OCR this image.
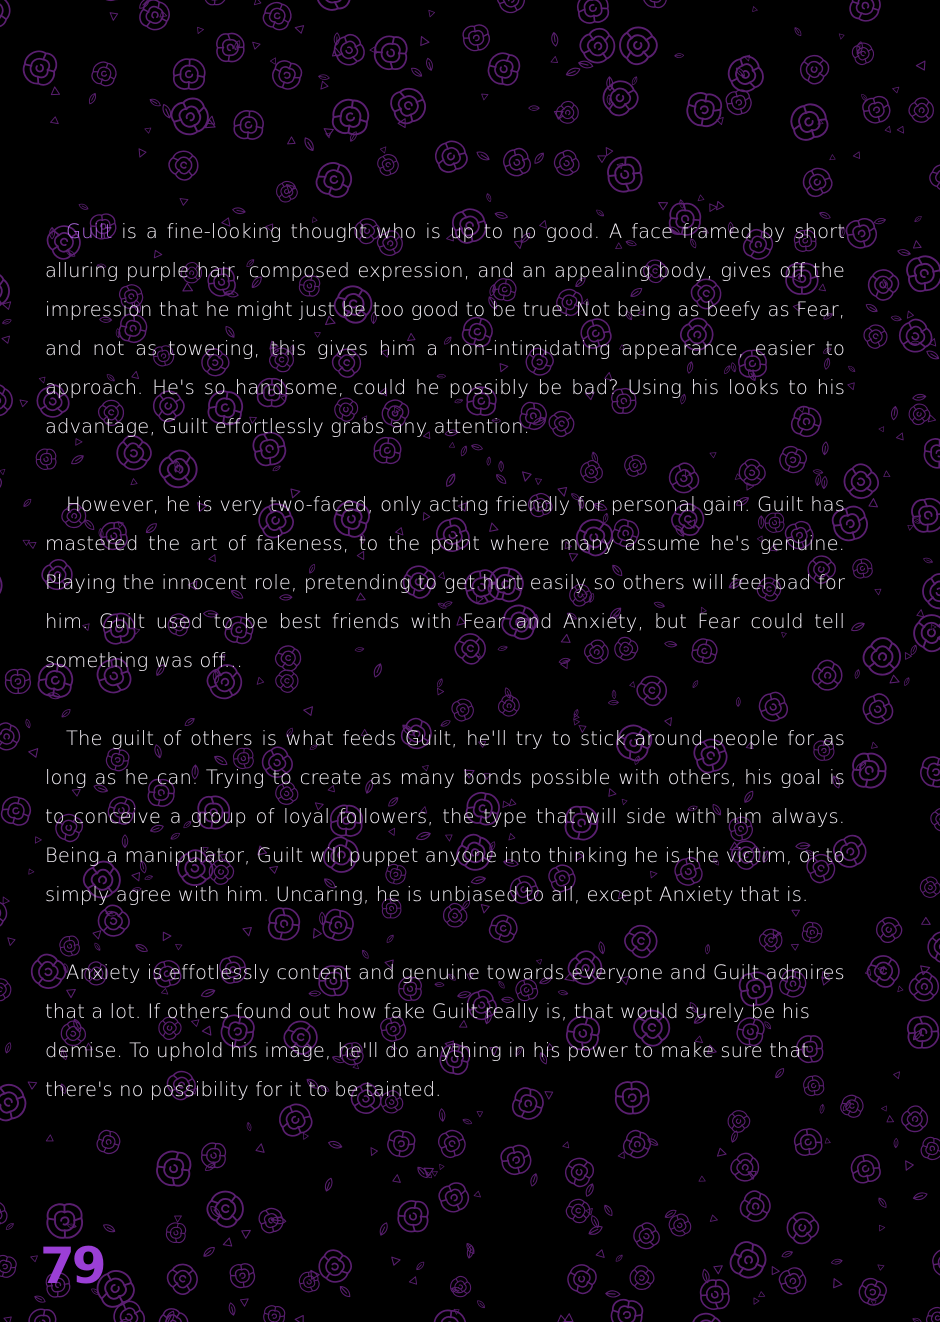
Guilt is a fine-looking thought who is up to no good. A face framed by short alluring purple hair, composed expression, and an appealing body, gives off the impression that he might just be too good to be true. Not being as beefy as Fear, and not as towering, this gives him a non-intimidating appearance, easier to approach. He's so handsome, could he possibly be bad? Using his looks to his advantage, Guilt effortlessly grabs any attention.

However, he is very two-faced, only acting friendly for personal gain. Guilt has mastered the art of fakeness, to the point where many assume he's genuine. Playing the innocent role, pretending to get hurt easily so others will feel bad for him. Guilt used to be best friends with Fear and Anxiety, but Fear could tell something was off...

The guilt of others is what feeds Guilt, he'll try to stick around people for as long as he can. Trying to create as many bonds possible with others, his goal is to conceive a group of loyal followers, the type that will side with him always. Being a manipulator, Guilt will puppet anyone into thinking he is the victim, or to simply agree with him. Uncaring, he is unbiased to all, except Anxiety that is.

Anxiety is effotlessly content and genuine towards everyone and Guilt admires that a lot. If others found out how fake Guilt really is, that would surely be his demise. To uphold his image, he'll do anything in his power to make sure that there's no possibility for it to be tainted.

79
